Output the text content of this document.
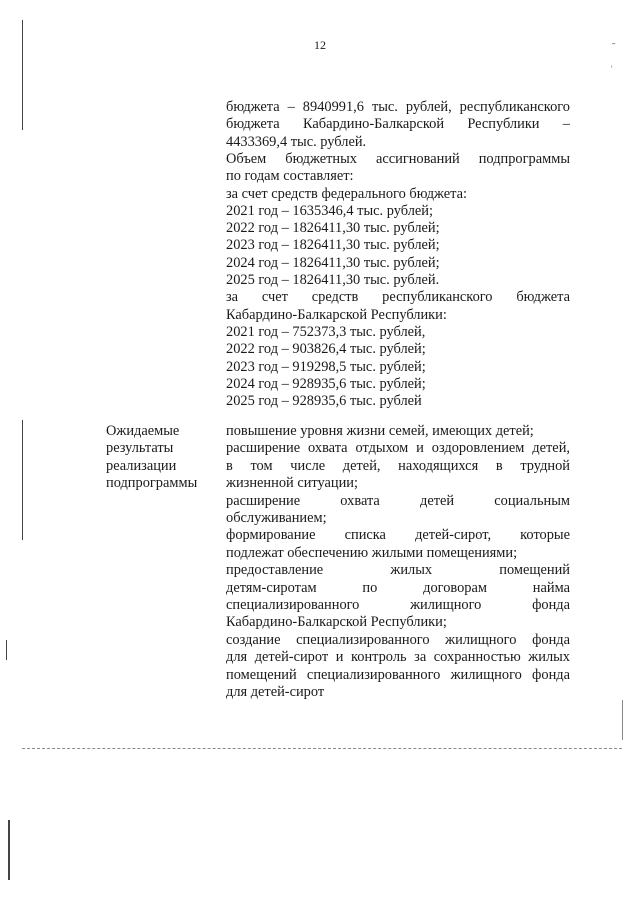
12
бюджета – 8940991,6 тыс. рублей, республиканского
бюджета Кабардино-Балкарской Республики –
4433369,4 тыс. рублей.
Объем бюджетных ассигнований подпрограммы
по годам составляет:
за счет средств федерального бюджета:
2021 год – 1635346,4 тыс. рублей;
2022 год – 1826411,30 тыс. рублей;
2023 год – 1826411,30 тыс. рублей;
2024 год – 1826411,30 тыс. рублей;
2025 год – 1826411,30 тыс. рублей.
за счет средств республиканского бюджета
Кабардино-Балкарской Республики:
2021 год – 752373,3 тыс. рублей,
2022 год – 903826,4 тыс. рублей;
2023 год – 919298,5 тыс. рублей;
2024 год – 928935,6 тыс. рублей;
2025 год – 928935,6 тыс. рублей
Ожидаемые
результаты
реализации
подпрограммы
повышение уровня жизни семей, имеющих детей;
расширение охвата отдыхом и оздоровлением детей,
в том числе детей, находящихся в трудной
жизненной ситуации;
расширение охвата детей социальным
обслуживанием;
формирование списка детей-сирот, которые
подлежат обеспечению жилыми помещениями;
предоставление жилых помещений
детям-сиротам по договорам найма
специализированного жилищного фонда
Кабардино-Балкарской Республики;
создание специализированного жилищного фонда
для детей-сирот и контроль за сохранностью жилых
помещений специализированного жилищного фонда
для детей-сирот
ˉ
˒
